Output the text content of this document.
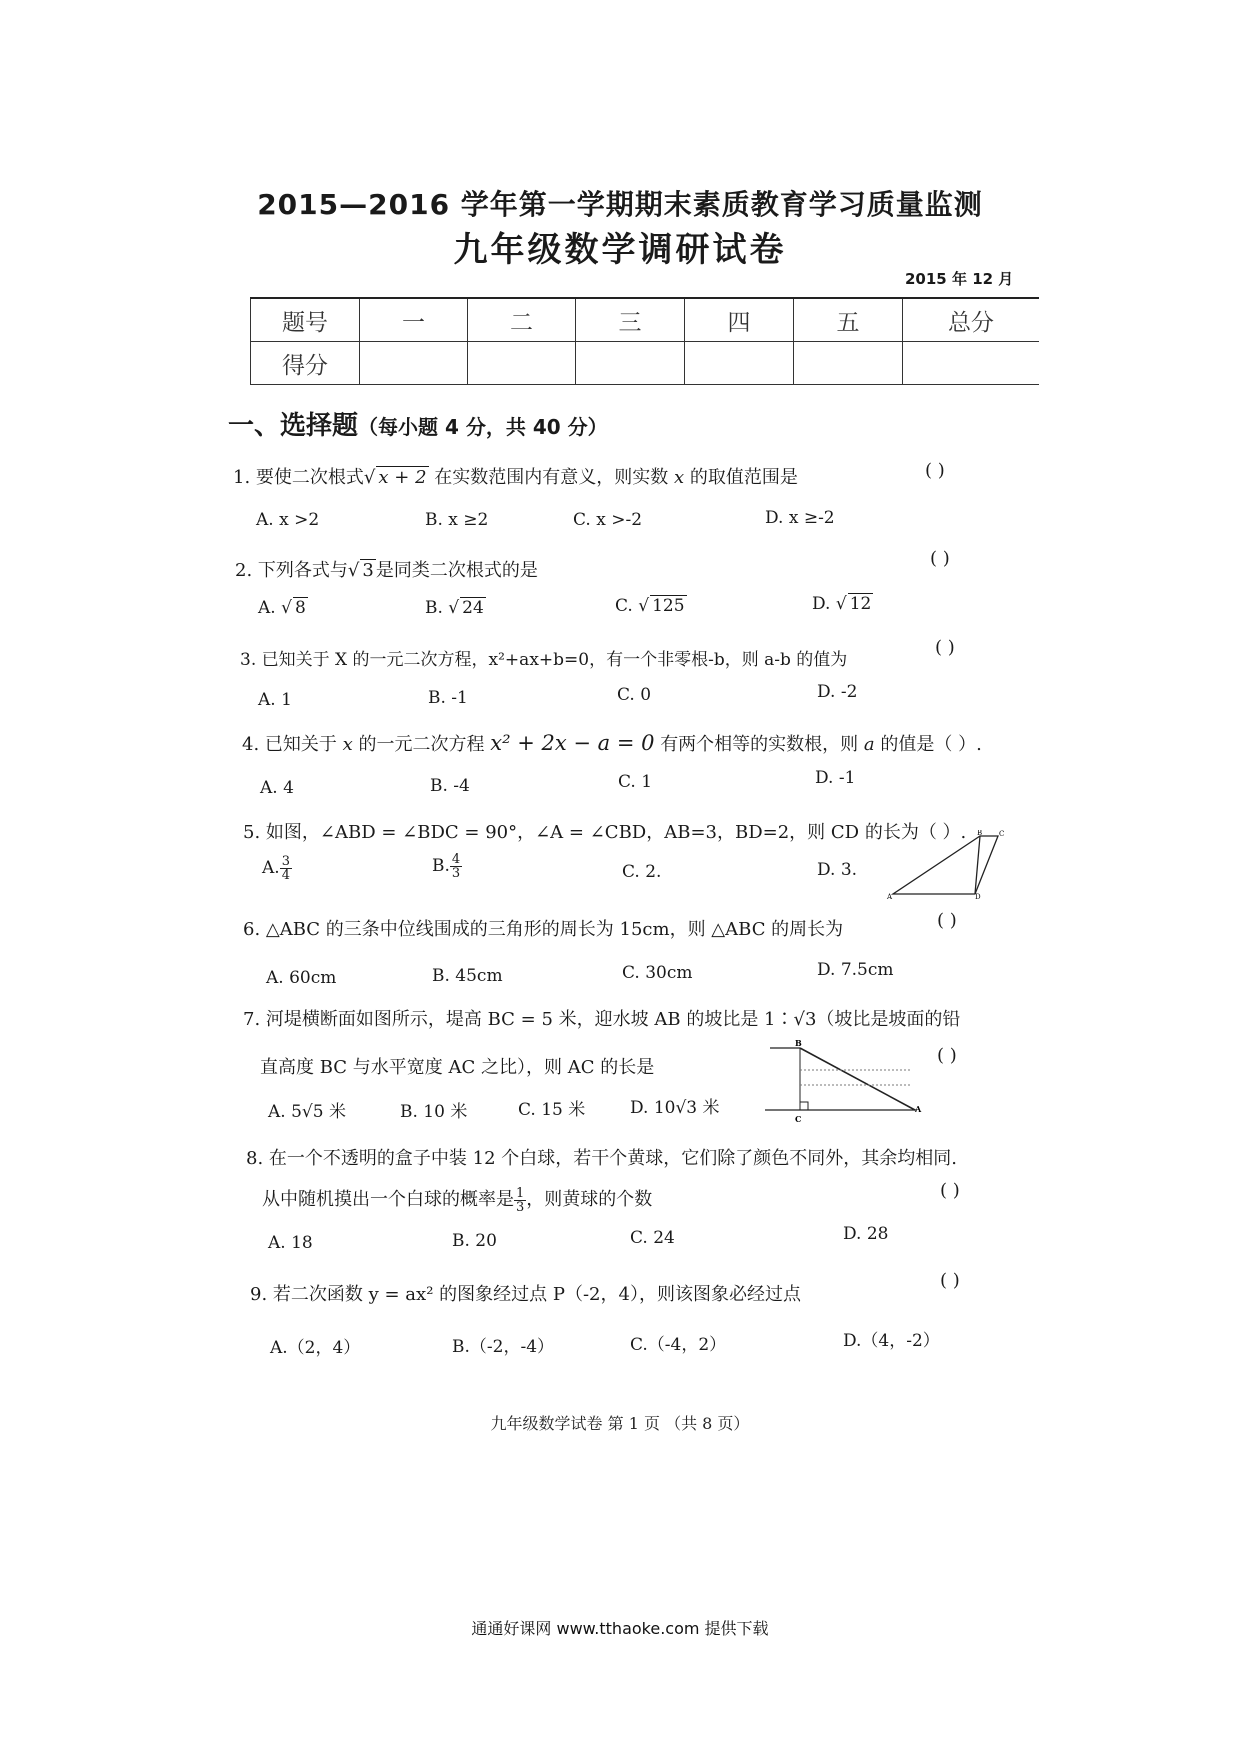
2015—2016 学年第一学期期末素质教育学习质量监测
九年级数学调研试卷
2015 年 12 月
题号	一	二	三	四	五	总分
得分						
一、选择题（每小题 4 分，共 40 分）
1. 要使二次根式√ x + 2 在实数范围内有意义，则实数 x 的取值范围是	( )
A. x >2	B. x ≥2	C. x >-2	D. x ≥-2
2. 下列各式与√ 3 是同类二次根式的是
( )
A. √ 8	B. √ 24	C. √ 125	D. √ 12
3. 已知关于 X 的一元二次方程，x²+ax+b=0，有一个非零根-b，则 a-b 的值为
( )
A. 1	B. -1	C. 0	D. -2
4. 已知关于 x 的一元二次方程 x² + 2x − a = 0 有两个相等的实数根，则 a 的值是（ ）.
A. 4	B. -4	C. 1	D. -1
5. 如图，∠ABD = ∠BDC = 90°，∠A = ∠CBD，AB=3，BD=2，则 CD 的长为（ ）.
A. $\frac{3}{4}$	B. $\frac{4}{3}$	C. 2.	D. 3.
A
B C
D
6. △ABC 的三条中位线围成的三角形的周长为 15cm，则 △ABC 的周长为	( )
A. 60cm	B. 45cm	C. 30cm	D. 7.5cm
7. 河堤横断面如图所示，堤高 BC = 5 米，迎水坡 AB 的坡比是 1∶√3（坡比是坡面的铅
直高度 BC 与水平宽度 AC 之比），则 AC 的长是
( )
A. 5√5 米	B. 10 米	C. 15 米	D. 10√3 米
B
C
A
8. 在一个不透明的盒子中装 12 个白球，若干个黄球，它们除了颜色不同外，其余均相同.
从中随机摸出一个白球的概率是 $\frac{1}{3}$ ，则黄球的个数	( )
A. 18	B. 20	C. 24	D. 28
9. 若二次函数 y = ax² 的图象经过点 P（-2，4），则该图象必经过点
( )
A.（2，4）	B.（-2，-4）	C.（-4，2）	D.（4，-2）
九年级数学试卷 第 1 页 （共 8 页）
通通好课网 www.tthaoke.com 提供下载
